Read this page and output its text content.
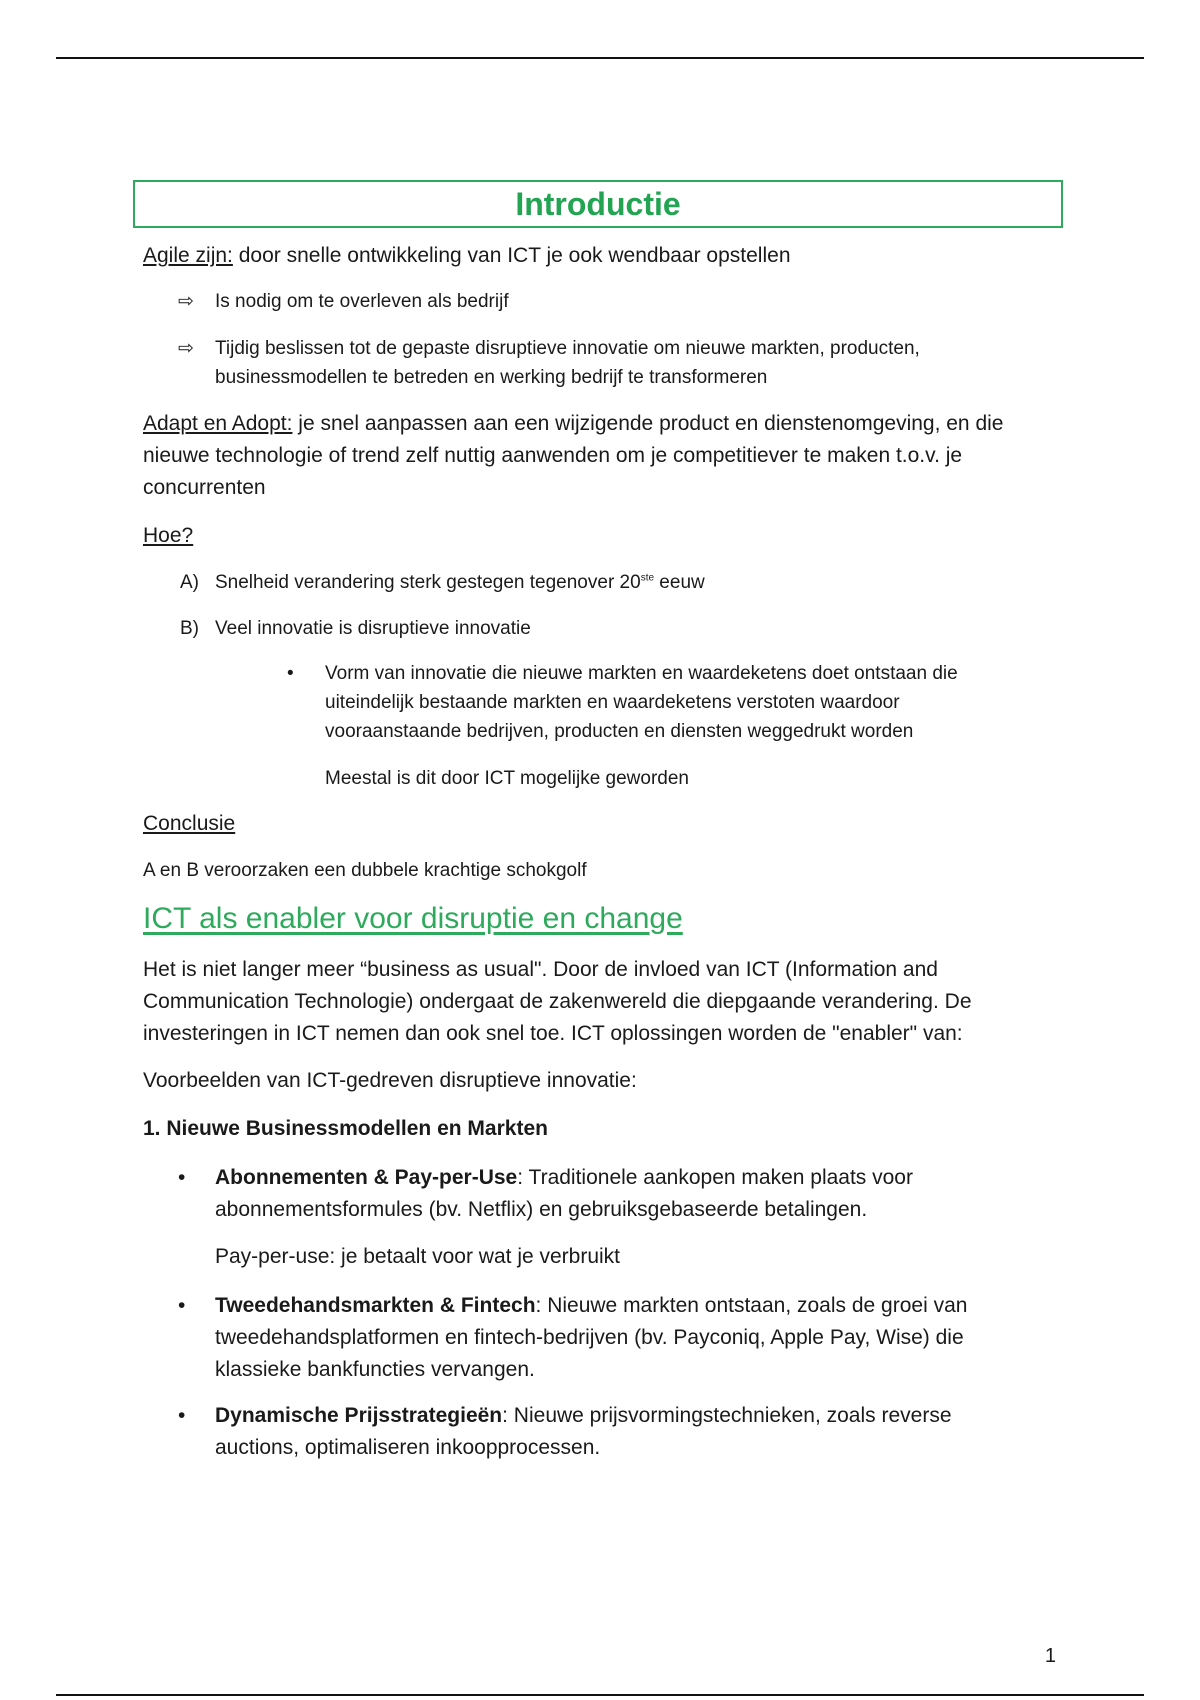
Introductie
Agile zijn: door snelle ontwikkeling van ICT je ook wendbaar opstellen
⇨ Is nodig om te overleven als bedrijf
⇨ Tijdig beslissen tot de gepaste disruptieve innovatie om nieuwe markten, producten,
businessmodellen te betreden en werking bedrijf te transformeren
Adapt en Adopt: je snel aanpassen aan een wijzigende product en dienstenomgeving, en die
nieuwe technologie of trend zelf nuttig aanwenden om je competitiever te maken t.o.v. je
concurrenten
Hoe?
A) Snelheid verandering sterk gestegen tegenover 20ste eeuw
B) Veel innovatie is disruptieve innovatie
• Vorm van innovatie die nieuwe markten en waardeketens doet ontstaan die
uiteindelijk bestaande markten en waardeketens verstoten waardoor
vooraanstaande bedrijven, producten en diensten weggedrukt worden
Meestal is dit door ICT mogelijke geworden
Conclusie
A en B veroorzaken een dubbele krachtige schokgolf
ICT als enabler voor disruptie en change
Het is niet langer meer “business as usual". Door de invloed van ICT (Information and
Communication Technologie) ondergaat de zakenwereld die diepgaande verandering. De
investeringen in ICT nemen dan ook snel toe. ICT oplossingen worden de "enabler" van:
Voorbeelden van ICT-gedreven disruptieve innovatie:
1. Nieuwe Businessmodellen en Markten
• Abonnementen & Pay-per-Use: Traditionele aankopen maken plaats voor
abonnementsformules (bv. Netflix) en gebruiksgebaseerde betalingen.
Pay-per-use: je betaalt voor wat je verbruikt
• Tweedehandsmarkten & Fintech: Nieuwe markten ontstaan, zoals de groei van
tweedehandsplatformen en fintech-bedrijven (bv. Payconiq, Apple Pay, Wise) die
klassieke bankfuncties vervangen.
• Dynamische Prijsstrategieën: Nieuwe prijsvormingstechnieken, zoals reverse
auctions, optimaliseren inkoopprocessen.
1
